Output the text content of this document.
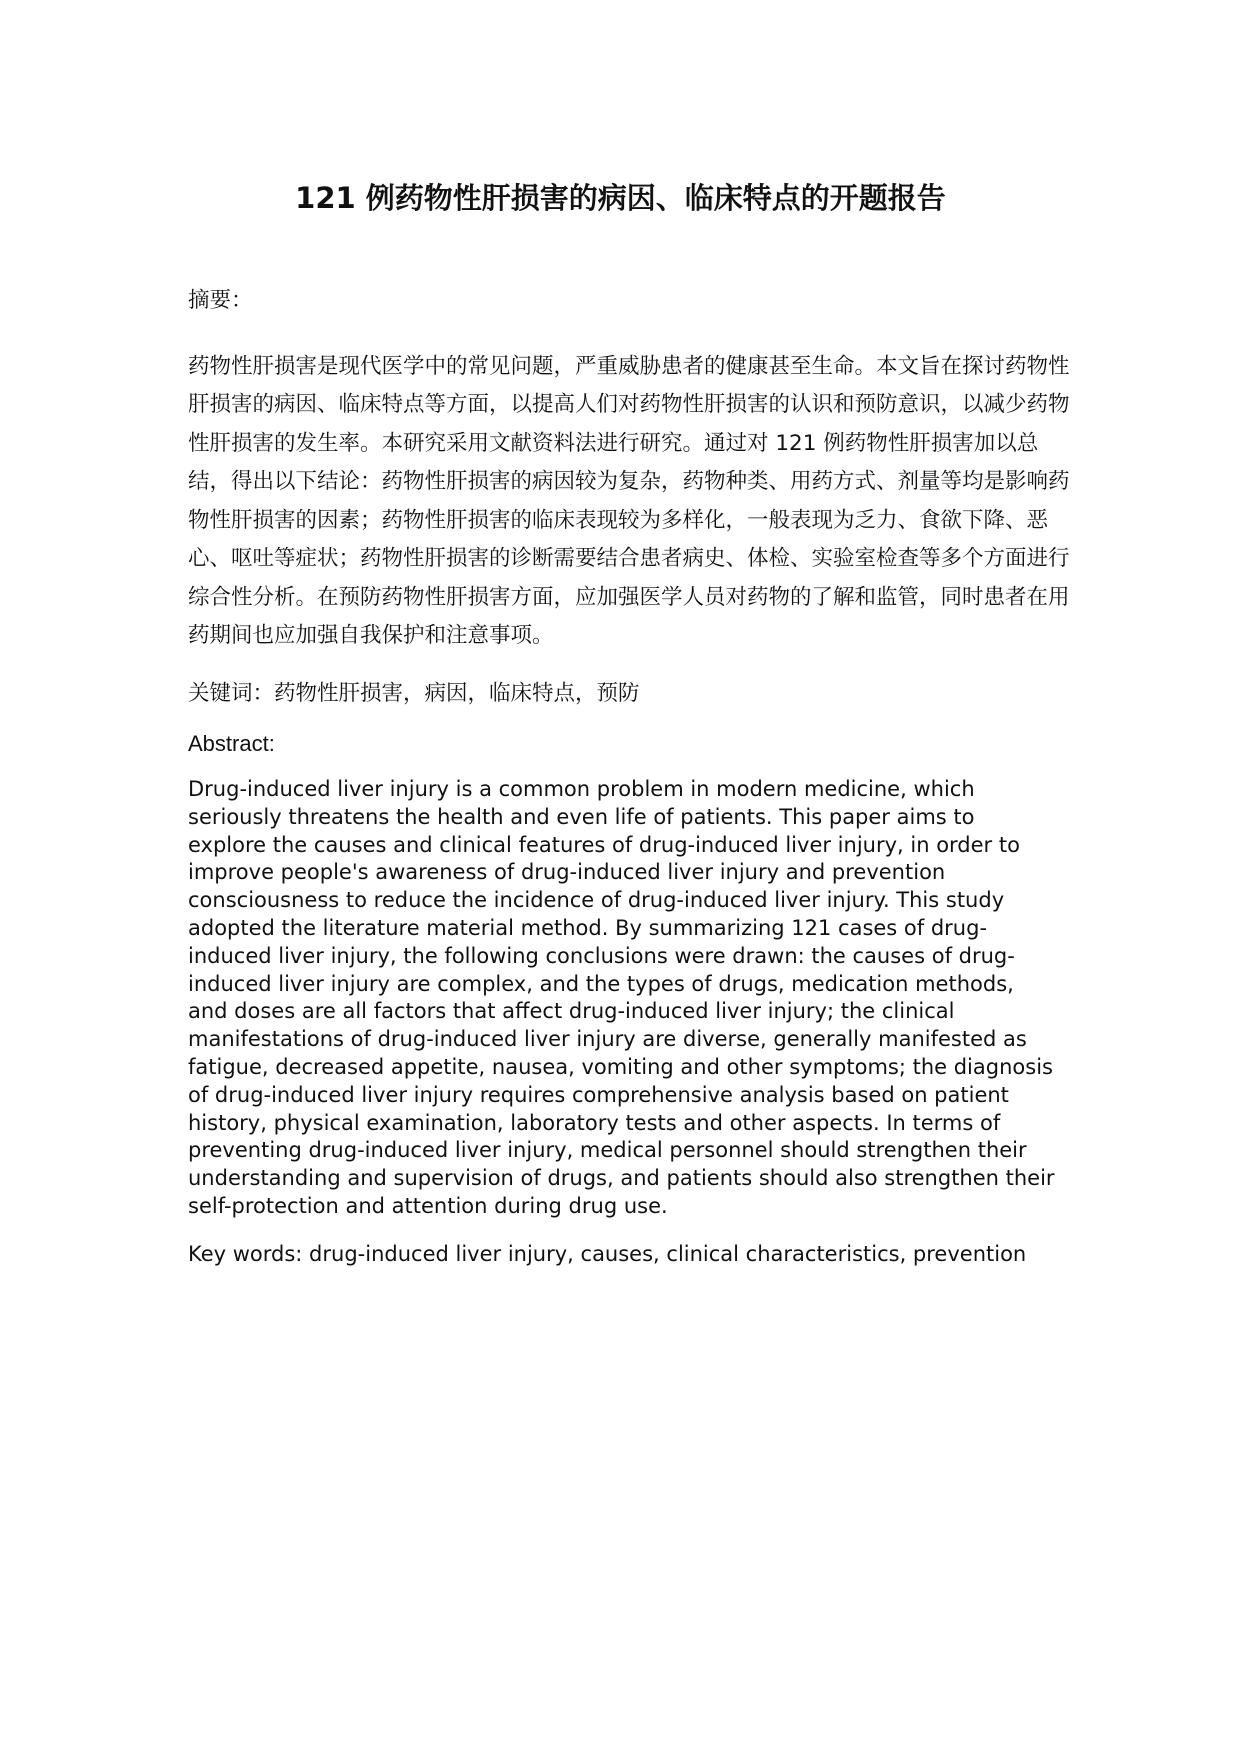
121 例药物性肝损害的病因、临床特点的开题报告

摘要：

药物性肝损害是现代医学中的常见问题，严重威胁患者的健康甚至生命。本文旨在探讨药物性肝损害的病因、临床特点等方面，以提高人们对药物性肝损害的认识和预防意识，以减少药物性肝损害的发生率。本研究采用文献资料法进行研究。通过对 121 例药物性肝损害加以总结，得出以下结论：药物性肝损害的病因较为复杂，药物种类、用药方式、剂量等均是影响药物性肝损害的因素；药物性肝损害的临床表现较为多样化，一般表现为乏力、食欲下降、恶心、呕吐等症状；药物性肝损害的诊断需要结合患者病史、体检、实验室检查等多个方面进行综合性分析。在预防药物性肝损害方面，应加强医学人员对药物的了解和监管，同时患者在用药期间也应加强自我保护和注意事项。

关键词：药物性肝损害，病因，临床特点，预防

Abstract:

Drug-induced liver injury is a common problem in modern medicine, which seriously threatens the health and even life of patients. This paper aims to explore the causes and clinical features of drug-induced liver injury, in order to improve people's awareness of drug-induced liver injury and prevention consciousness to reduce the incidence of drug-induced liver injury. This study adopted the literature material method. By summarizing 121 cases of drug-induced liver injury, the following conclusions were drawn: the causes of drug-induced liver injury are complex, and the types of drugs, medication methods, and doses are all factors that affect drug-induced liver injury; the clinical manifestations of drug-induced liver injury are diverse, generally manifested as fatigue, decreased appetite, nausea, vomiting and other symptoms; the diagnosis of drug-induced liver injury requires comprehensive analysis based on patient history, physical examination, laboratory tests and other aspects. In terms of preventing drug-induced liver injury, medical personnel should strengthen their understanding and supervision of drugs, and patients should also strengthen their self-protection and attention during drug use.

Key words: drug-induced liver injury, causes, clinical characteristics, prevention
